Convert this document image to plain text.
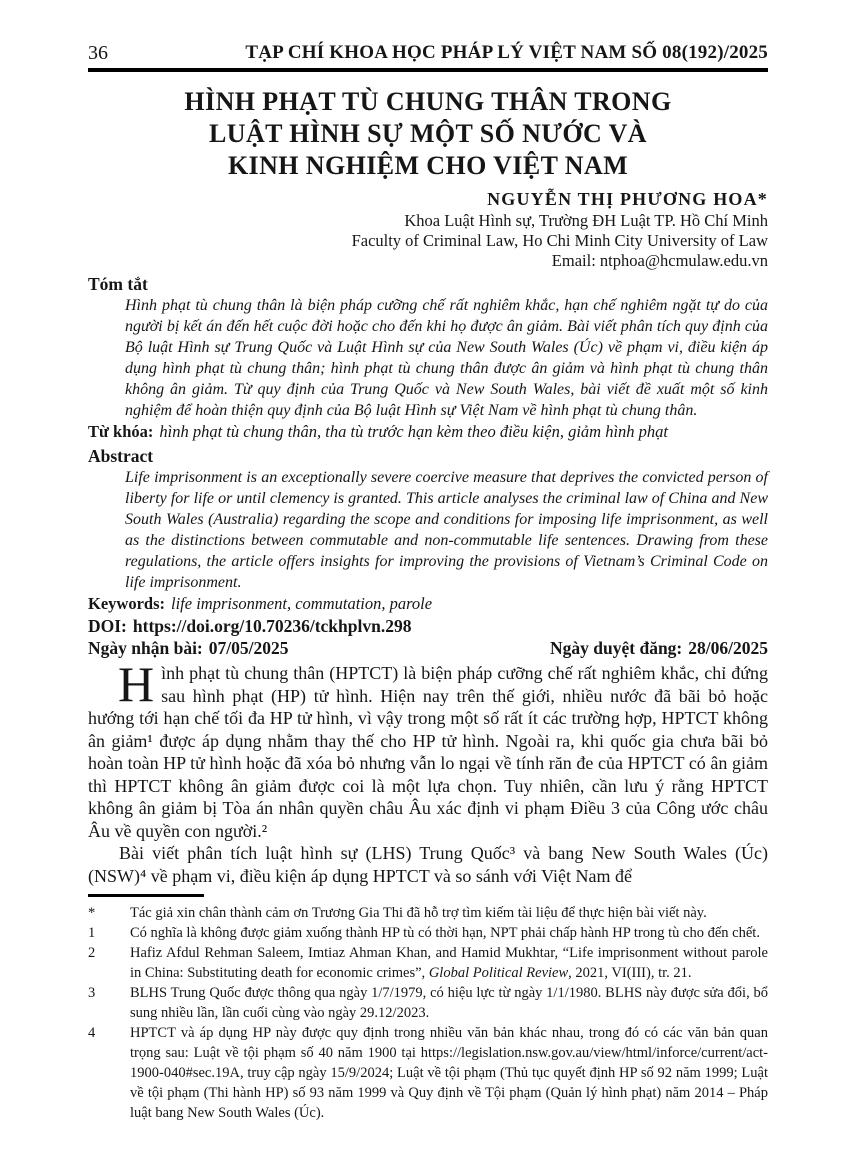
36	TẠP CHÍ KHOA HỌC PHÁP LÝ VIỆT NAM SỐ 08(192)/2025
HÌNH PHẠT TÙ CHUNG THÂN TRONG
LUẬT HÌNH SỰ MỘT SỐ NƯỚC VÀ
KINH NGHIỆM CHO VIỆT NAM
NGUYỄN THỊ PHƯƠNG HOA*
Khoa Luật Hình sự, Trường ĐH Luật TP. Hồ Chí Minh
Faculty of Criminal Law, Ho Chi Minh City University of Law
Email: ntphoa@hcmulaw.edu.vn
Tóm tắt

Hình phạt tù chung thân là biện pháp cưỡng chế rất nghiêm khắc, hạn chế nghiêm ngặt tự do của người bị kết án đến hết cuộc đời hoặc cho đến khi họ được ân giảm. Bài viết phân tích quy định của Bộ luật Hình sự Trung Quốc và Luật Hình sự của New South Wales (Úc) về phạm vi, điều kiện áp dụng hình phạt tù chung thân; hình phạt tù chung thân được ân giảm và hình phạt tù chung thân không ân giảm. Từ quy định của Trung Quốc và New South Wales, bài viết đề xuất một số kinh nghiệm để hoàn thiện quy định của Bộ luật Hình sự Việt Nam về hình phạt tù chung thân.

Từ khóa: hình phạt tù chung thân, tha tù trước hạn kèm theo điều kiện, giảm hình phạt

Abstract

Life imprisonment is an exceptionally severe coercive measure that deprives the convicted person of liberty for life or until clemency is granted. This article analyses the criminal law of China and New South Wales (Australia) regarding the scope and conditions for imposing life imprisonment, as well as the distinctions between commutable and non-commutable life sentences. Drawing from these regulations, the article offers insights for improving the provisions of Vietnam’s Criminal Code on life imprisonment.

Keywords: life imprisonment, commutation, parole

DOI: https://doi.org/10.70236/tckhplvn.298
Ngày nhận bài: 07/05/2025	Ngày duyệt đăng: 28/06/2025

Hình phạt tù chung thân (HPTCT) là biện pháp cưỡng chế rất nghiêm khắc, chỉ đứng sau hình phạt (HP) tử hình. Hiện nay trên thế giới, nhiều nước đã bãi bỏ hoặc hướng tới hạn chế tối đa HP tử hình, vì vậy trong một số rất ít các trường hợp, HPTCT không ân giảm¹ được áp dụng nhằm thay thế cho HP tử hình. Ngoài ra, khi quốc gia chưa bãi bỏ hoàn toàn HP tử hình hoặc đã xóa bỏ nhưng vẫn lo ngại về tính răn đe của HPTCT có ân giảm thì HPTCT không ân giảm được coi là một lựa chọn. Tuy nhiên, cần lưu ý rằng HPTCT không ân giảm bị Tòa án nhân quyền châu Âu xác định vi phạm Điều 3 của Công ước châu Âu về quyền con người.²

Bài viết phân tích luật hình sự (LHS) Trung Quốc³ và bang New South Wales (Úc) (NSW)⁴ về phạm vi, điều kiện áp dụng HPTCT và so sánh với Việt Nam để

*	Tác giả xin chân thành cảm ơn Trương Gia Thi đã hỗ trợ tìm kiếm tài liệu để thực hiện bài viết này.
1	Có nghĩa là không được giảm xuống thành HP tù có thời hạn, NPT phải chấp hành HP trong tù cho đến chết.
2	Hafiz Afdul Rehman Saleem, Imtiaz Ahman Khan, and Hamid Mukhtar, “Life imprisonment without parole in China: Substituting death for economic crimes”, Global Political Review, 2021, VI(III), tr. 21.
3	BLHS Trung Quốc được thông qua ngày 1/7/1979, có hiệu lực từ ngày 1/1/1980. BLHS này được sửa đổi, bổ sung nhiều lần, lần cuối cùng vào ngày 29.12/2023.
4	HPTCT và áp dụng HP này được quy định trong nhiều văn bản khác nhau, trong đó có các văn bản quan trọng sau: Luật về tội phạm số 40 năm 1900 tại https://legislation.nsw.gov.au/view/html/inforce/current/act-1900-040#sec.19A, truy cập ngày 15/9/2024; Luật về tội phạm (Thủ tục quyết định HP số 92 năm 1999; Luật về tội phạm (Thi hành HP) số 93 năm 1999 và Quy định về Tội phạm (Quản lý hình phạt) năm 2014 – Pháp luật bang New South Wales (Úc).
